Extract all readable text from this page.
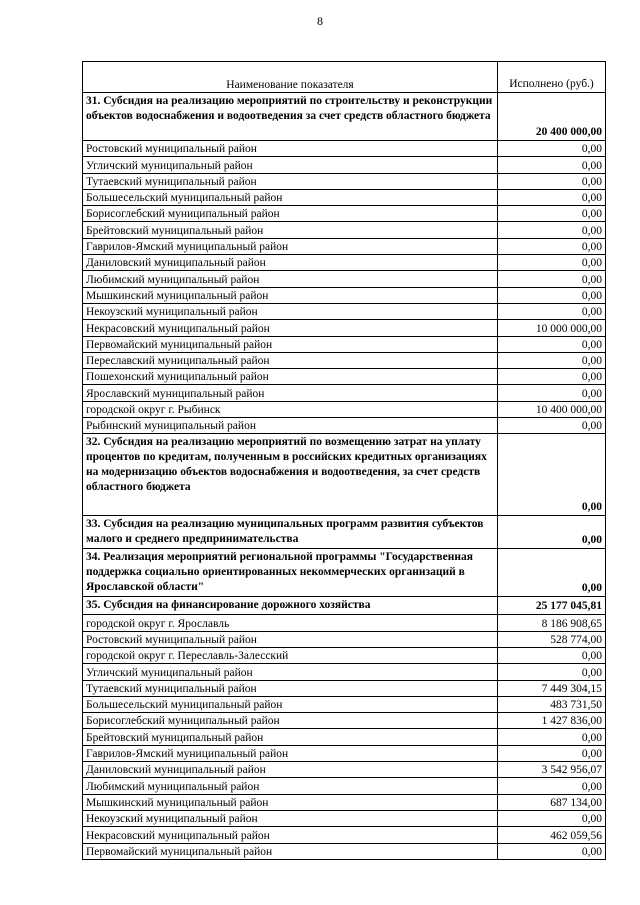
8
Наименование показателя	Исполнено (руб.)
31. Субсидия на реализацию мероприятий по строительству и реконструкции объектов водоснабжения и водоотведения за счет средств областного бюджета	20 400 000,00
Ростовский муниципальный район	0,00
Угличский муниципальный район	0,00
Тутаевский муниципальный район	0,00
Большесельский муниципальный район	0,00
Борисоглебский муниципальный район	0,00
Брейтовский муниципальный район	0,00
Гаврилов-Ямский муниципальный район	0,00
Даниловский муниципальный район	0,00
Любимский муниципальный район	0,00
Мышкинский муниципальный район	0,00
Некоузский муниципальный район	0,00
Некрасовский муниципальный район	10 000 000,00
Первомайский муниципальный район	0,00
Переславский муниципальный район	0,00
Пошехонский муниципальный район	0,00
Ярославский муниципальный район	0,00
городской округ г. Рыбинск	10 400 000,00
Рыбинский муниципальный район	0,00
32. Субсидия на реализацию мероприятий по возмещению затрат на уплату процентов по кредитам, полученным в российских кредитных организациях на модернизацию объектов водоснабжения и водоотведения, за счет средств областного бюджета	0,00
33. Субсидия на реализацию муниципальных программ развития субъектов малого и среднего предпринимательства	0,00
34. Реализация мероприятий региональной программы "Государственная поддержка социально ориентированных некоммерческих организаций в Ярославской области"	0,00
35. Субсидия на финансирование дорожного хозяйства	25 177 045,81
городской округ г. Ярославль	8 186 908,65
Ростовский муниципальный район	528 774,00
городской округ г. Переславль-Залесский	0,00
Угличский муниципальный район	0,00
Тутаевский муниципальный район	7 449 304,15
Большесельский муниципальный район	483 731,50
Борисоглебский муниципальный район	1 427 836,00
Брейтовский муниципальный район	0,00
Гаврилов-Ямский муниципальный район	0,00
Даниловский муниципальный район	3 542 956,07
Любимский муниципальный район	0,00
Мышкинский муниципальный район	687 134,00
Некоузский муниципальный район	0,00
Некрасовский муниципальный район	462 059,56
Первомайский муниципальный район	0,00
